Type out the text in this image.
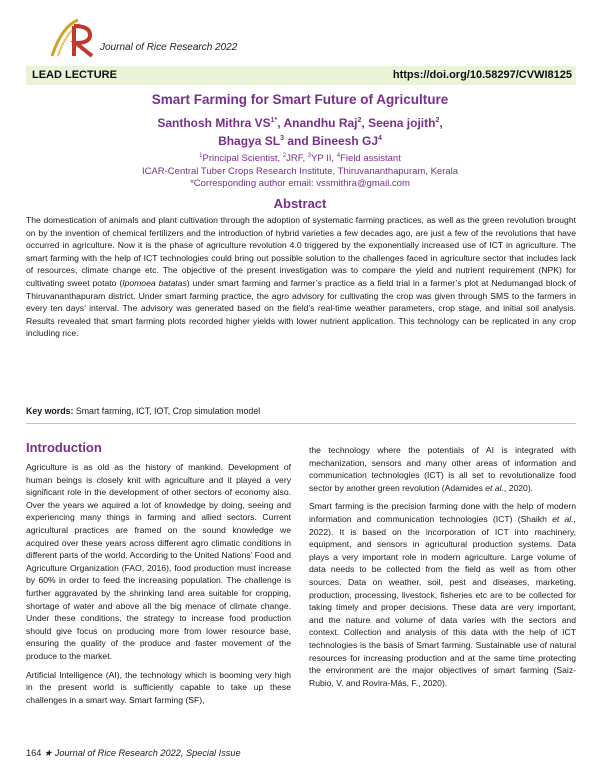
Journal of Rice Research 2022
LEAD LECTURE	https://doi.org/10.58297/CVWI8125
Smart Farming for Smart Future of Agriculture
Santhosh Mithra $VS^{1*}$, Anandhu Raj$^2$, Seena jojith$^2$,
Bhagya $SL^3$ and Bineesh $GJ^4$
$^1$Principal Scientist, $^2$JRF, $^3$YP II, $^4$Field assistant
ICAR-Central Tuber Crops Research Institute, Thiruvananthapuram, Kerala
*Corresponding author email: vssmithra@gmail.com
Abstract
The domestication of animals and plant cultivation through the adoption of systematic farming practices, as well as the green revolution brought on by the invention of chemical fertilizers and the introduction of hybrid varieties a few decades ago, are just a few of the revolutions that have occurred in agriculture. Now it is the phase of agriculture revolution 4.0 triggered by the exponentially increased use of ICT in agriculture. The smart farming with the help of ICT technologies could bring out possible solution to the challenges faced in agriculture sector that includes lack of resources, climate change etc. The objective of the present investigation was to compare the yield and nutrient requirement (NPK) for cultivating sweet potato (Ipomoea batatas) under smart farming and farmer’s practice as a field trial in a farmer’s plot at Nedumangad block of Thiruvananthapuram district. Under smart farming practice, the agro advisory for cultivating the crop was given through SMS to the farmers in every ten days’ interval. The advisory was generated based on the field’s real-time weather parameters, crop stage, and initial soil analysis. Results revealed that smart farming plots recorded higher yields with lower nutrient application. This technology can be replicated in any crop including rice.
Key words: Smart farming, ICT, IOT, Crop simulation model
Introduction

Agriculture is as old as the history of mankind. Development of human beings is closely knit with agriculture and it played a very significant role in the development of other sectors of economy also. Over the years we aquired a lot of knowledge by doing, seeing and experiencing many things in farming and allied sectors. Current agricultural practices are framed on the sound knowledge we acquired over these years across different agro climatic conditions in different parts of the world. According to the United Nations’ Food and Agriculture Organization (FAO, 2016), food production must increase by 60% in order to feed the increasing population. The challenge is further aggravated by the shrinking land area suitable for cropping, shortage of water and above all the big menace of climate change. Under these conditions, the strategy to increase food production should give focus on producing more from lower resource base, ensuring the quality of the produce and faster movement of the produce to the market.

Artificial Intelligence (AI), the technology which is booming very high in the present world is sufficiently capable to take up these challenges in a smart way. Smart farming (SF),

the technology where the potentials of AI is integrated with mechanization, sensors and many other areas of information and communication technologies (ICT) is all set to revolutionalize food sector by another green revolution (Adamides et al., 2020).

Smart farming is the precision farming done with the help of modern information and communication technologies (ICT) (Shaikh et al., 2022). It is based on the incorporation of ICT into machinery, equipment, and sensors in agricultural production systems. Data plays a very important role in modern agriculture. Large volume of data needs to be collected from the field as well as from other sources. Data on weather, soil, pest and diseases, marketing, production, processing, livestock, fisheries etc are to be collected for taking timely and proper decisions. These data are very important, and the nature and volume of data varies with the sectors and context. Collection and analysis of this data with the help of ICT technologies is the basis of Smart farming. Sustainable use of natural resources for increasing production and at the same time protecting the environment are the major objectives of smart farming (Saiz-Rubio, V. and Rovira-Más, F., 2020).

164 ★ Journal of Rice Research 2022, Special Issue
